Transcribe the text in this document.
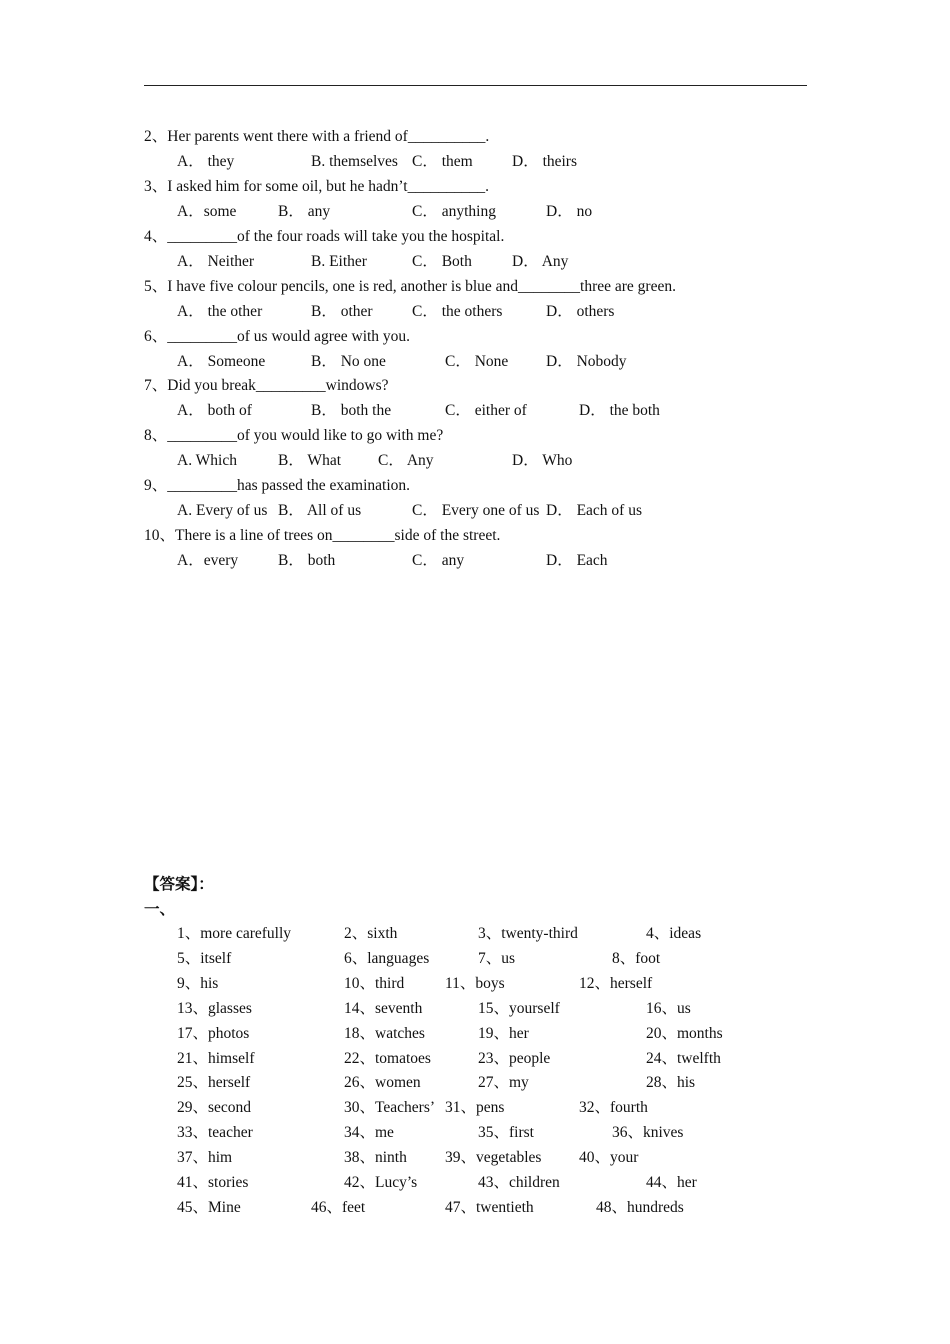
2、Her parents went there with a friend of__________.
A． they	B. themselves C． them	D． theirs
3、I asked him for some oil, but he hadn’t__________.
A．some	B． any	C． anything	D． no
4、_________of the four roads will take you the hospital.
A． Neither	B. Either	C． Both	D． Any
5、I have five colour pencils, one is red, another is blue and________three are green.
A． the other	B． other	C． the others	D． others
6、_________of us would agree with you.
A． Someone	B． No one	C． None D． Nobody
7、Did you break_________windows?
A． both of	B． both the	C． either of	D． the both
8、_________of you would like to go with me?
A. Which	B． What C． Any	D． Who
9、_________has passed the examination.
A. Every of us B． All of us	C． Every one of us D． Each of us
10、There is a line of trees on________side of the street.
A．every	B． both	C． any	D． Each
【答案】：
一、
1、more carefully	2、sixth	3、twenty-third	4、ideas
5、itself	6、languages	7、us	8、foot
9、his	10、third	11、boys	12、herself
13、glasses	14、seventh	15、yourself	16、us
17、photos	18、watches	19、her	20、months
21、himself	22、tomatoes	23、people	24、twelfth
25、herself	26、women	27、my	28、his
29、second	30、Teachers’ 31、pens	32、fourth
33、teacher	34、me	35、first	36、knives
37、him	38、ninth 39、vegetables 40、your
41、stories	42、Lucy’s	43、children	44、her
45、Mine	46、feet	47、twentieth	48、hundreds
